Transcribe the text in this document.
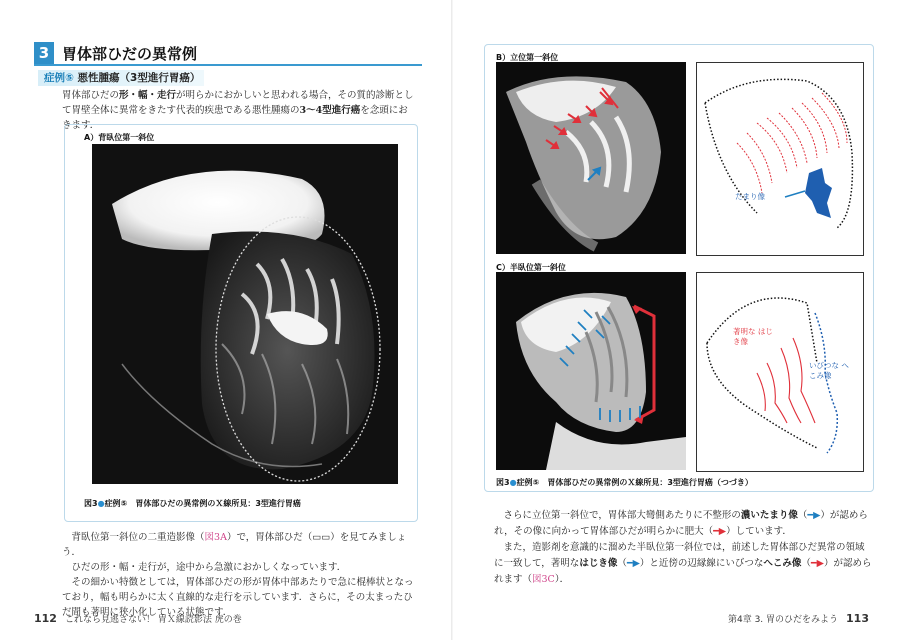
3 胃体部ひだの異常例
症例⑤ 悪性腫瘍（3型進行胃癌）
胃体部ひだの形・幅・走行が明らかにおかしいと思われる場合，その質的診断として胃壁全体に異常をきたす代表的疾患である悪性腫瘍の3〜4型進行癌を念頭におきます．
A）背臥位第一斜位
図3●症例⑤　胃体部ひだの異常例のＸ線所見：3型進行胃癌
　背臥位第一斜位の二重造影像（図3A）で，胃体部ひだ（▭▭）を見てみましょう．
　ひだの形・幅・走行が，途中から急激におかしくなっています．
　その細かい特徴としては，胃体部ひだの形が胃体中部あたりで急に棍棒状となっており，幅も明らかに太く直線的な走行を示しています．さらに，その太まったひだ間も著明に狭小化している状態です．
112 これなら見逃さない！ 胃Ｘ線読影法 虎の巻
B）立位第一斜位
たまり像
C）半臥位第一斜位
著明な はじき像
いびつな へこみ像
図3●症例⑤　胃体部ひだの異常例のＸ線所見：3型進行胃癌（つづき）
　さらに立位第一斜位で，胃体部大彎側あたりに不整形の濃いたまり像（━▶）が認められ，その像に向かって胃体部ひだが明らかに肥大（━▶）しています．
　また，造影剤を意識的に溜めた半臥位第一斜位では，前述した胃体部ひだ異常の領域に一致して，著明なはじき像（━▶）と近傍の辺縁線にいびつなへこみ像（━▶）が認められます（図3C）．
第4章 3. 胃のひだをみよう 113
